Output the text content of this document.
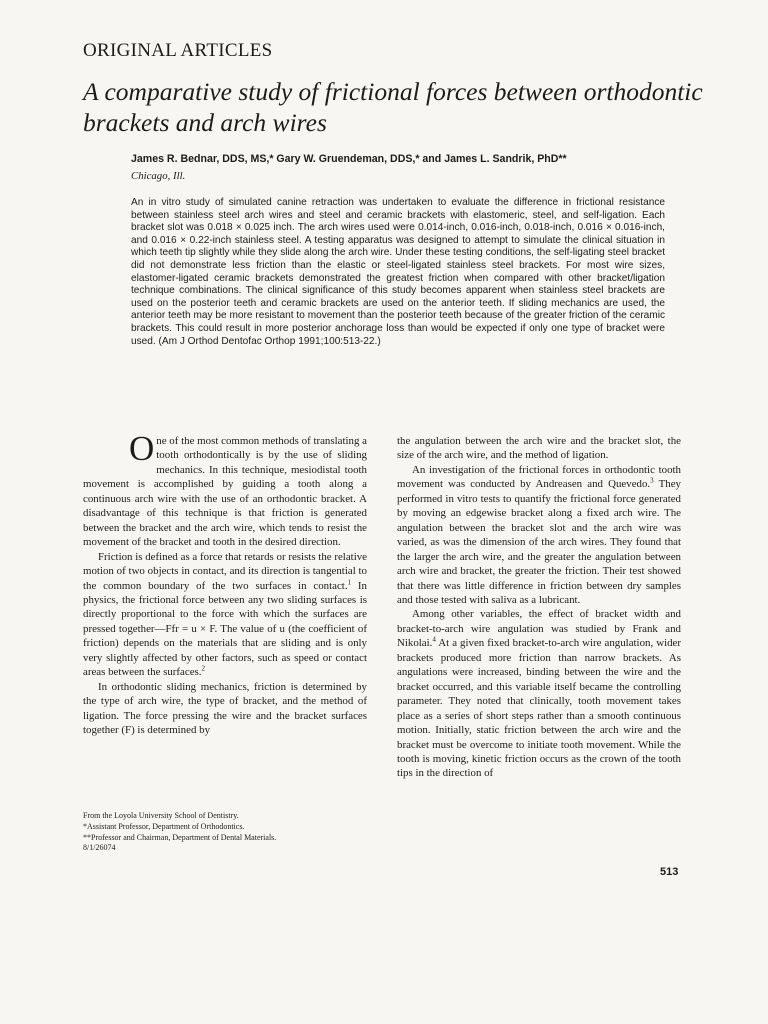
ORIGINAL ARTICLES
A comparative study of frictional forces between orthodontic brackets and arch wires

James R. Bednar, DDS, MS,* Gary W. Gruendeman, DDS,* and James L. Sandrik, PhD**

Chicago, Ill.

An in vitro study of simulated canine retraction was undertaken to evaluate the difference in frictional resistance between stainless steel arch wires and steel and ceramic brackets with elastomeric, steel, and self-ligation. Each bracket slot was 0.018 × 0.025 inch. The arch wires used were 0.014-inch, 0.016-inch, 0.018-inch, 0.016 × 0.016-inch, and 0.016 × 0.22-inch stainless steel. A testing apparatus was designed to attempt to simulate the clinical situation in which teeth tip slightly while they slide along the arch wire. Under these testing conditions, the self-ligating steel bracket did not demonstrate less friction than the elastic or steel-ligated stainless steel brackets. For most wire sizes, elastomer-ligated ceramic brackets demonstrated the greatest friction when compared with other bracket/ligation technique combinations. The clinical significance of this study becomes apparent when stainless steel brackets are used on the posterior teeth and ceramic brackets are used on the anterior teeth. If sliding mechanics are used, the anterior teeth may be more resistant to movement than the posterior teeth because of the greater friction of the ceramic brackets. This could result in more posterior anchorage loss than would be expected if only one type of bracket were used. (Am J Orthod Dentofac Orthop 1991;100:513-22.)

One of the most common methods of translating a tooth orthodontically is by the use of sliding mechanics. In this technique, mesiodistal tooth movement is accomplished by guiding a tooth along a continuous arch wire with the use of an orthodontic bracket. A disadvantage of this technique is that friction is generated between the bracket and the arch wire, which tends to resist the movement of the bracket and tooth in the desired direction.

Friction is defined as a force that retards or resists the relative motion of two objects in contact, and its direction is tangential to the common boundary of the two surfaces in contact.$^1$ In physics, the frictional force between any two sliding surfaces is directly proportional to the force with which the surfaces are pressed together—Ffr = u × F. The value of u (the coefficient of friction) depends on the materials that are sliding and is only very slightly affected by other factors, such as speed or contact areas between the surfaces.$^2$

In orthodontic sliding mechanics, friction is determined by the type of arch wire, the type of bracket, and the method of ligation. The force pressing the wire and the bracket surfaces together (F) is determined by

the angulation between the arch wire and the bracket slot, the size of the arch wire, and the method of ligation.

An investigation of the frictional forces in orthodontic tooth movement was conducted by Andreasen and Quevedo.$^3$ They performed in vitro tests to quantify the frictional force generated by moving an edgewise bracket along a fixed arch wire. The angulation between the bracket slot and the arch wire was varied, as was the dimension of the arch wires. They found that the larger the arch wire, and the greater the angulation between arch wire and bracket, the greater the friction. Their test showed that there was little difference in friction between dry samples and those tested with saliva as a lubricant.

Among other variables, the effect of bracket width and bracket-to-arch wire angulation was studied by Frank and Nikolai.$^4$ At a given fixed bracket-to-arch wire angulation, wider brackets produced more friction than narrow brackets. As angulations were increased, binding between the wire and the bracket occurred, and this variable itself became the controlling parameter. They noted that clinically, tooth movement takes place as a series of short steps rather than a smooth continuous motion. Initially, static friction between the arch wire and the bracket must be overcome to initiate tooth movement. While the tooth is moving, kinetic friction occurs as the crown of the tooth tips in the direction of

From the Loyola University School of Dentistry.
*Assistant Professor, Department of Orthodontics.
**Professor and Chairman, Department of Dental Materials.
8/1/26074
513
